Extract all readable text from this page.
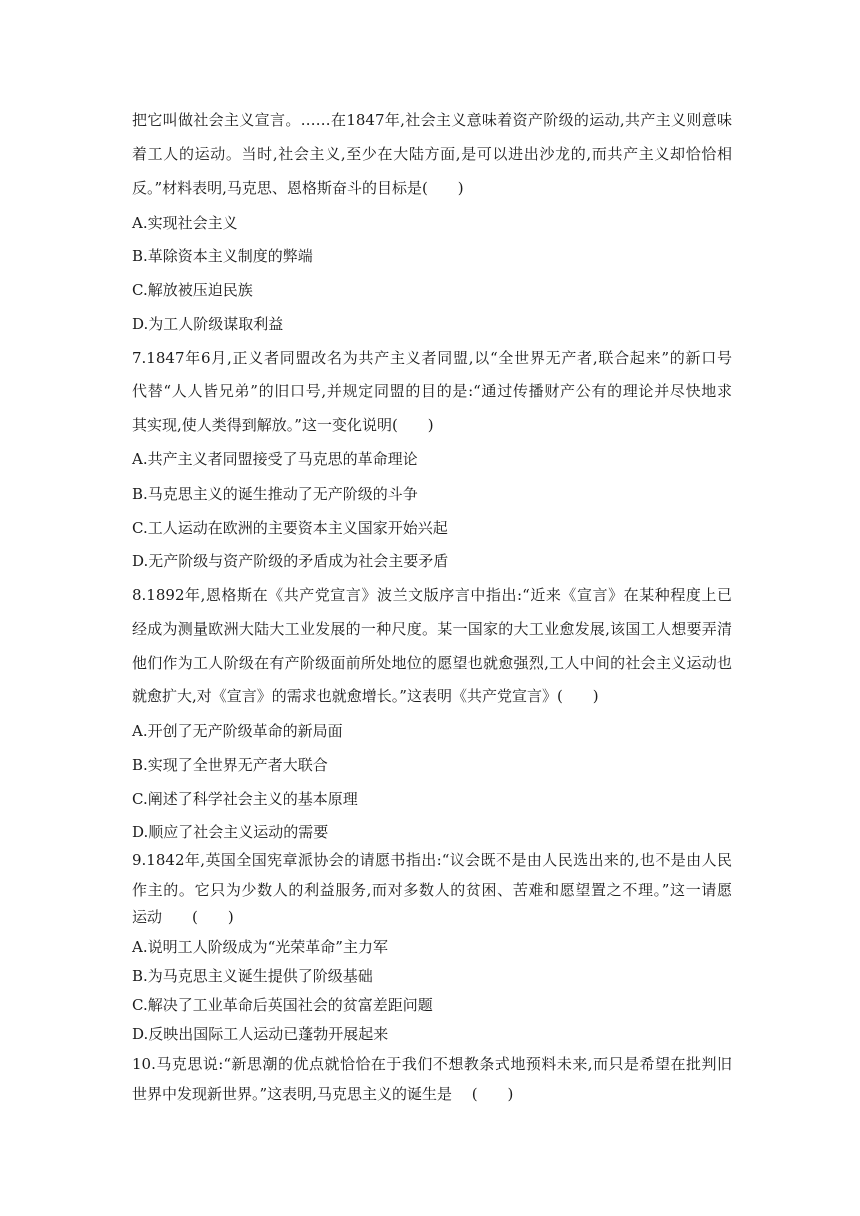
把它叫做社会主义宣言。……在1847年,社会主义意味着资产阶级的运动,共产主义则意味
着工人的运动。当时,社会主义,至少在大陆方面,是可以进出沙龙的,而共产主义却恰恰相
反。”材料表明,马克思、恩格斯奋斗的目标是(　　)
A.实现社会主义
B.革除资本主义制度的弊端
C.解放被压迫民族
D.为工人阶级谋取利益
7.1847年6月,正义者同盟改名为共产主义者同盟,以“全世界无产者,联合起来”的新口号
代替“人人皆兄弟”的旧口号,并规定同盟的目的是:“通过传播财产公有的理论并尽快地求
其实现,使人类得到解放。”这一变化说明(　　)
A.共产主义者同盟接受了马克思的革命理论
B.马克思主义的诞生推动了无产阶级的斗争
C.工人运动在欧洲的主要资本主义国家开始兴起
D.无产阶级与资产阶级的矛盾成为社会主要矛盾
8.1892年,恩格斯在《共产党宣言》波兰文版序言中指出:“近来《宣言》在某种程度上已
经成为测量欧洲大陆大工业发展的一种尺度。某一国家的大工业愈发展,该国工人想要弄清
他们作为工人阶级在有产阶级面前所处地位的愿望也就愈强烈,工人中间的社会主义运动也
就愈扩大,对《宣言》的需求也就愈增长。”这表明《共产党宣言》(　　)
A.开创了无产阶级革命的新局面
B.实现了全世界无产者大联合
C.阐述了科学社会主义的基本原理
D.顺应了社会主义运动的需要
9.1842年,英国全国宪章派协会的请愿书指出:“议会既不是由人民选出来的,也不是由人民
作主的。它只为少数人的利益服务,而对多数人的贫困、苦难和愿望置之不理。”这一请愿
运动　　(　　)
A.说明工人阶级成为“光荣革命”主力军
B.为马克思主义诞生提供了阶级基础
C.解决了工业革命后英国社会的贫富差距问题
D.反映出国际工人运动已蓬勃开展起来
10.马克思说:“新思潮的优点就恰恰在于我们不想教条式地预料未来,而只是希望在批判旧
世界中发现新世界。”这表明,马克思主义的诞生是　 (　　)
